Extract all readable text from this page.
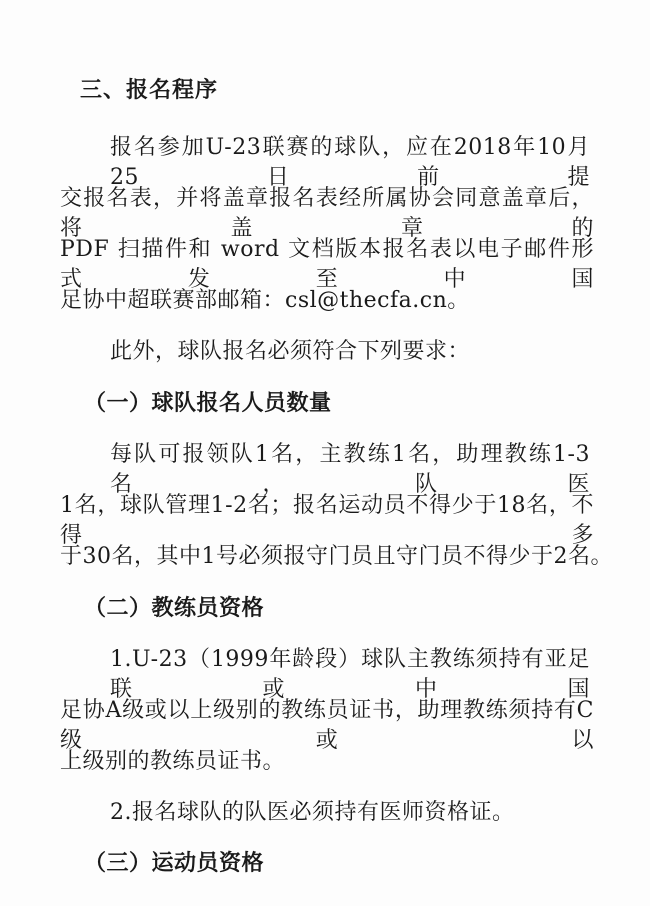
三、报名程序
报名参加U-23联赛的球队，应在2018年10月25日前提
交报名表，并将盖章报名表经所属协会同意盖章后，将盖章的
PDF 扫描件和 word 文档版本报名表以电子邮件形式发至中国
足协中超联赛部邮箱：csl@thecfa.cn。
此外，球队报名必须符合下列要求：
（一）球队报名人员数量
每队可报领队1名，主教练1名，助理教练1-3名，队医
1名，球队管理1-2名；报名运动员不得少于18名，不得多
于30名，其中1号必须报守门员且守门员不得少于2名。
（二）教练员资格
1.U-23（1999年龄段）球队主教练须持有亚足联或中国
足协A级或以上级别的教练员证书，助理教练须持有C级或以
上级别的教练员证书。
2.报名球队的队医必须持有医师资格证。
（三）运动员资格
